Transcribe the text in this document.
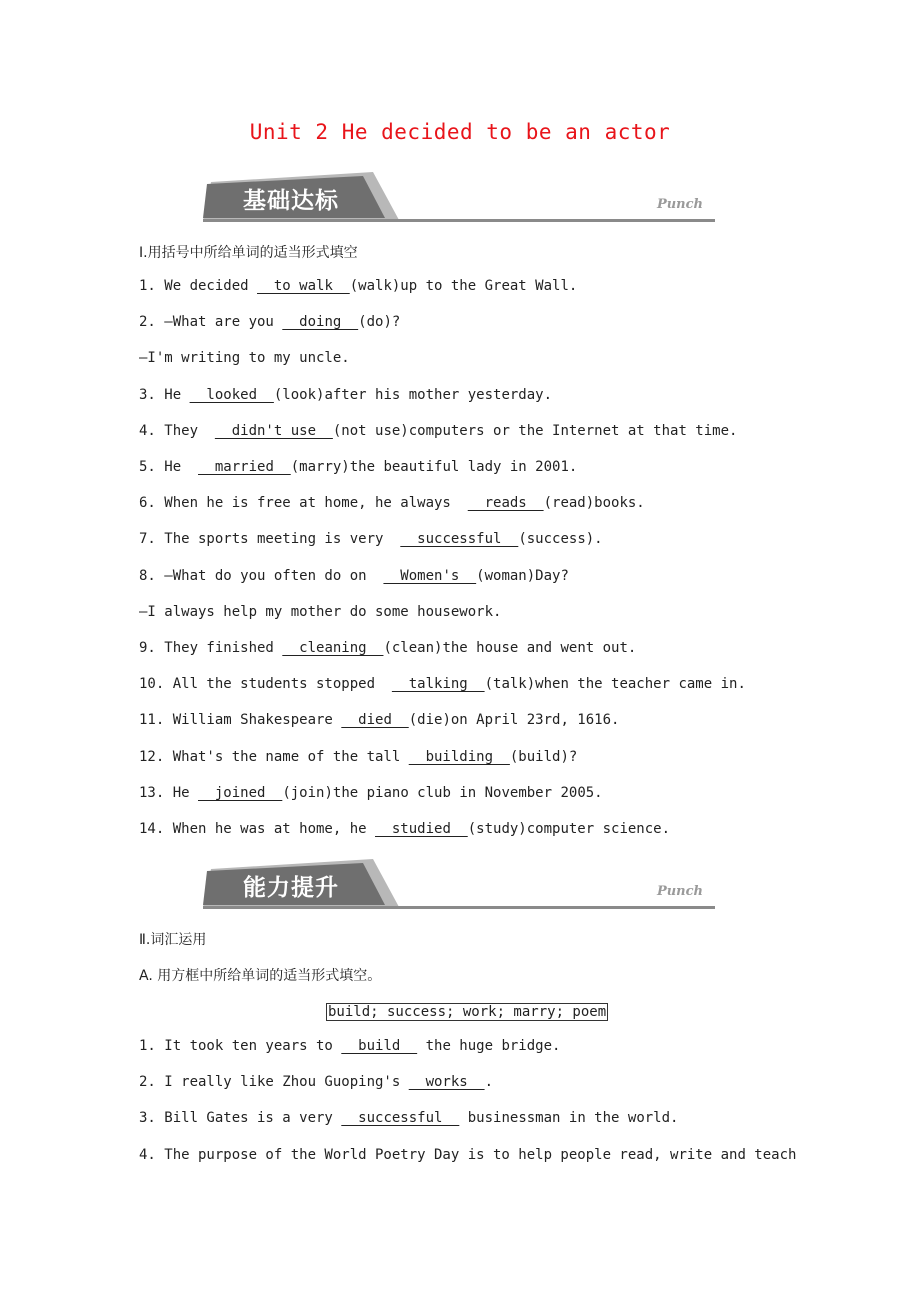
Unit 2 He decided to be an actor
基础达标	Punch
Ⅰ.用括号中所给单词的适当形式填空
1. We decided   to walk  (walk)up to the Great Wall.
2. —What are you   doing  (do)?
—I'm writing to my uncle.
3. He   looked  (look)after his mother yesterday.
4. They    didn't use  (not use)computers or the Internet at that time.
5. He    married  (marry)the beautiful lady in 2001.
6. When he is free at home, he always    reads  (read)books.
7. The sports meeting is very    successful  (success).
8. —What do you often do on    Women's  (woman)Day?
—I always help my mother do some housework.
9. They finished   cleaning  (clean)the house and went out.
10. All the students stopped    talking  (talk)when the teacher came in.
11. William Shakespeare   died  (die)on April 23rd, 1616.
12. What's the name of the tall   building  (build)?
13. He   joined  (join)the piano club in November 2005.
14. When he was at home, he   studied  (study)computer science.
能力提升	Punch
Ⅱ.词汇运用
A. 用方框中所给单词的适当形式填空。
build; success; work; marry; poem
1. It took ten years to   build   the huge bridge.
2. I really like Zhou Guoping's   works  .
3. Bill Gates is a very   successful   businessman in the world.
4. The purpose of the World Poetry Day is to help people read, write and teach
